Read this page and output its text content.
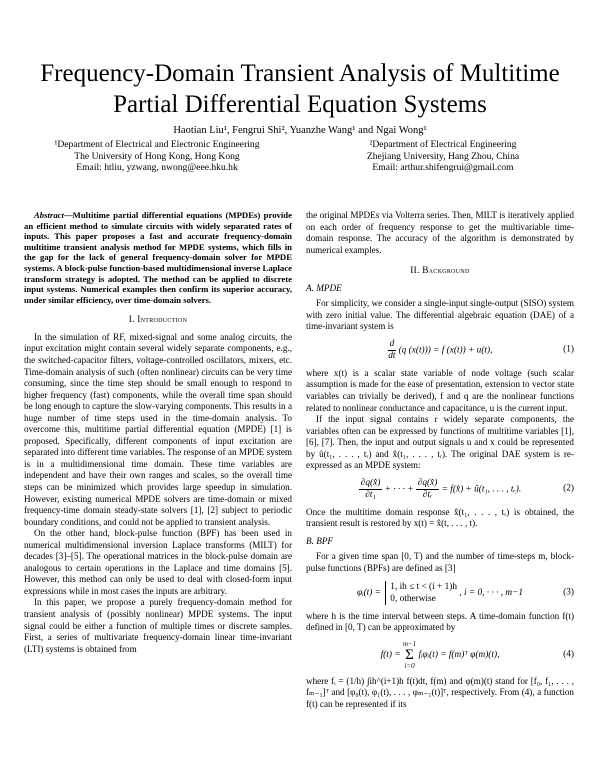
Frequency-Domain Transient Analysis of Multitime
Partial Differential Equation Systems
Haotian Liu¹, Fengrui Shi², Yuanzhe Wang¹ and Ngai Wong¹
¹Department of Electrical and Electronic Engineering
The University of Hong Kong, Hong Kong
Email: htliu, yzwang, nwong@eee.hku.hk
²Department of Electrical Engineering
Zhejiang University, Hang Zhou, China
Email: arthur.shifengrui@gmail.com

Abstract—Multitime partial differential equations (MPDEs) provide an efficient method to simulate circuits with widely separated rates of inputs. This paper proposes a fast and accurate frequency-domain multitime transient analysis method for MPDE systems, which fills in the gap for the lack of general frequency-domain solver for MPDE systems. A block-pulse function-based multidimensional inverse Laplace transform strategy is adopted. The method can be applied to discrete input systems. Numerical examples then confirm its superior accuracy, under similar efficiency, over time-domain solvers.

I. Introduction

In the simulation of RF, mixed-signal and some analog circuits, the input excitation might contain several widely separate components, e.g., the switched-capacitor filters, voltage-controlled oscillators, mixers, etc. Time-domain analysis of such (often nonlinear) circuits can be very time consuming, since the time step should be small enough to respond to higher frequency (fast) components, while the overall time span should be long enough to capture the slow-varying components. This results in a huge number of time steps used in the time-domain analysis. To overcome this, multitime partial differential equation (MPDE) [1] is proposed. Specifically, different components of input excitation are separated into different time variables. The response of an MPDE system is in a multidimensional time domain. These time variables are independent and have their own ranges and scales, so the overall time steps can be minimized which provides large speedup in simulation. However, existing numerical MPDE solvers are time-domain or mixed frequency-time domain steady-state solvers [1], [2] subject to periodic boundary conditions, and could not be applied to transient analysis.

On the other hand, block-pulse function (BPF) has been used in numerical multidimensional inversion Laplace transforms (MILT) for decades [3]–[5]. The operational matrices in the block-pulse domain are analogous to certain operations in the Laplace and time domains [5]. However, this method can only be used to deal with closed-form input expressions while in most cases the inputs are arbitrary.

In this paper, we propose a purely frequency-domain method for transient analysis of (possibly nonlinear) MPDE systems. The input signal could be either a function of multiple times or discrete samples. First, a series of multivariate frequency-domain linear time-invariant (LTI) systems is obtained from

the original MPDEs via Volterra series. Then, MILT is iteratively applied on each order of frequency response to get the multivariable time-domain response. The accuracy of the algorithm is demonstrated by numerical examples.

II. Background
A. MPDE

For simplicity, we consider a single-input single-output (SISO) system with zero initial value. The differential algebraic equation (DAE) of a time-invariant system is

$\frac{d}{dt} (q$ (x(t))) = f (x(t)) + u(t),	(1)

where x(t) is a scalar state variable of node voltage (such scalar assumption is made for the ease of presentation, extension to vector state variables can trivially be derived), f and q are the nonlinear functions related to nonlinear conductance and capacitance, u is the current input.

If the input signal contains r widely separate components, the variables often can be expressed by functions of multitime variables [1], [6], [7]. Then, the input and output signals u and x could be represented by û(t₁, . . . , tᵣ) and x̂(t₁, . . . , tᵣ). The original DAE system is re-expressed as an MPDE system:

$\frac{\partial q(x̂)}{\text{∂t₁}}$ + · · · + $\frac{\partial q(x̂)}{\text{∂tᵣ}}$ = f(x̂) + û(t₁, . . . , tᵣ).	(2)

Once the multitime domain response x̂(t₁, . . . , tᵣ) is obtained, the transient result is restored by x(t) = x̂(t, . . . , t).

B. BPF

For a given time span [0, T) and the number of time-steps m, block-pulse functions (BPFs) are defined as [3]

φᵢ(t) =
1, ih ≤ t < (i + 1)h
0, otherwise
, i = 0, · · · , m−1	(3)

where h is the time interval between steps. A time-domain function f(t) defined in [0, T) can be approximated by

f(t) =
m−1
Σ
i=0
fᵢφᵢ(t) = f(m)ᵀ φ(m)(t),	(4)

where fᵢ = (1/h) ∫ih^(i+1)h f(t)dt, f(m) and φ(m)(t) stand for [f₀, f₁, . . . , fₘ₋₁]ᵀ and [φ₀(t), φ₁(t), . . . , φₘ₋₁(t)]ᵀ, respectively. From (4), a function f(t) can be represented if its
